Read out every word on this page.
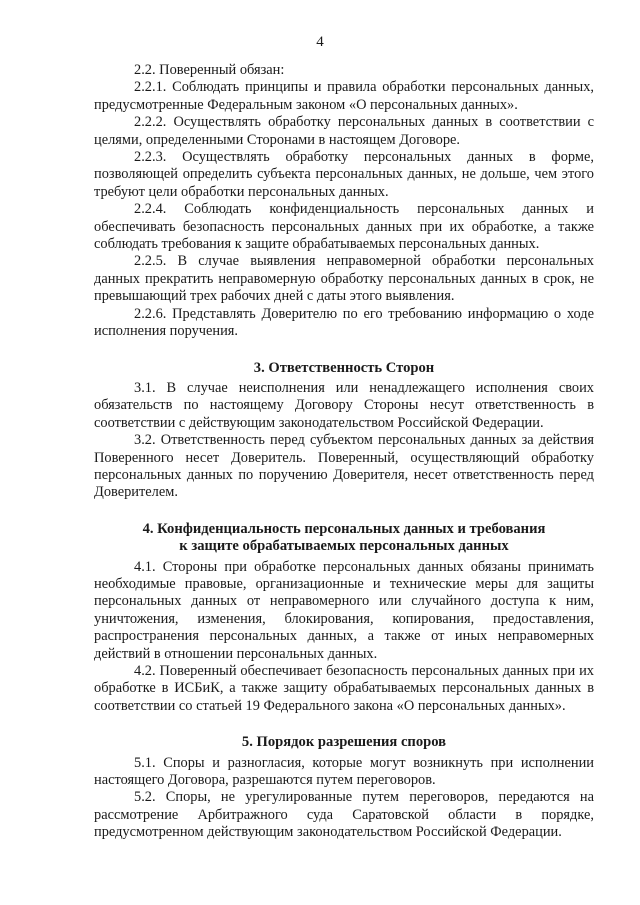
4

2.2. Поверенный обязан:

2.2.1. Соблюдать принципы и правила обработки персональных данных, предусмотренные Федеральным законом «О персональных данных».

2.2.2. Осуществлять обработку персональных данных в соответствии с целями, определенными Сторонами в настоящем Договоре.

2.2.3. Осуществлять обработку персональных данных в форме, позволяющей определить субъекта персональных данных, не дольше, чем этого требуют цели обработки персональных данных.

2.2.4. Соблюдать конфиденциальность персональных данных и обеспечивать безопасность персональных данных при их обработке, а также соблюдать требования к защите обрабатываемых персональных данных.

2.2.5. В случае выявления неправомерной обработки персональных данных прекратить неправомерную обработку персональных данных в срок, не превышающий трех рабочих дней с даты этого выявления.

2.2.6. Представлять Доверителю по его требованию информацию о ходе исполнения поручения.

3. Ответственность Сторон

3.1. В случае неисполнения или ненадлежащего исполнения своих обязательств по настоящему Договору Стороны несут ответственность в соответствии с действующим законодательством Российской Федерации.

3.2. Ответственность перед субъектом персональных данных за действия Поверенного несет Доверитель. Поверенный, осуществляющий обработку персональных данных по поручению Доверителя, несет ответственность перед Доверителем.

4. Конфиденциальность персональных данных и требования
к защите обрабатываемых персональных данных

4.1. Стороны при обработке персональных данных обязаны принимать необходимые правовые, организационные и технические меры для защиты персональных данных от неправомерного или случайного доступа к ним, уничтожения, изменения, блокирования, копирования, предоставления, распространения персональных данных, а также от иных неправомерных действий в отношении персональных данных.

4.2. Поверенный обеспечивает безопасность персональных данных при их обработке в ИСБиК, а также защиту обрабатываемых персональных данных в соответствии со статьей 19 Федерального закона «О персональных данных».

5. Порядок разрешения споров

5.1. Споры и разногласия, которые могут возникнуть при исполнении настоящего Договора, разрешаются путем переговоров.

5.2. Споры, не урегулированные путем переговоров, передаются на рассмотрение Арбитражного суда Саратовской области в порядке, предусмотренном действующим законодательством Российской Федерации.
